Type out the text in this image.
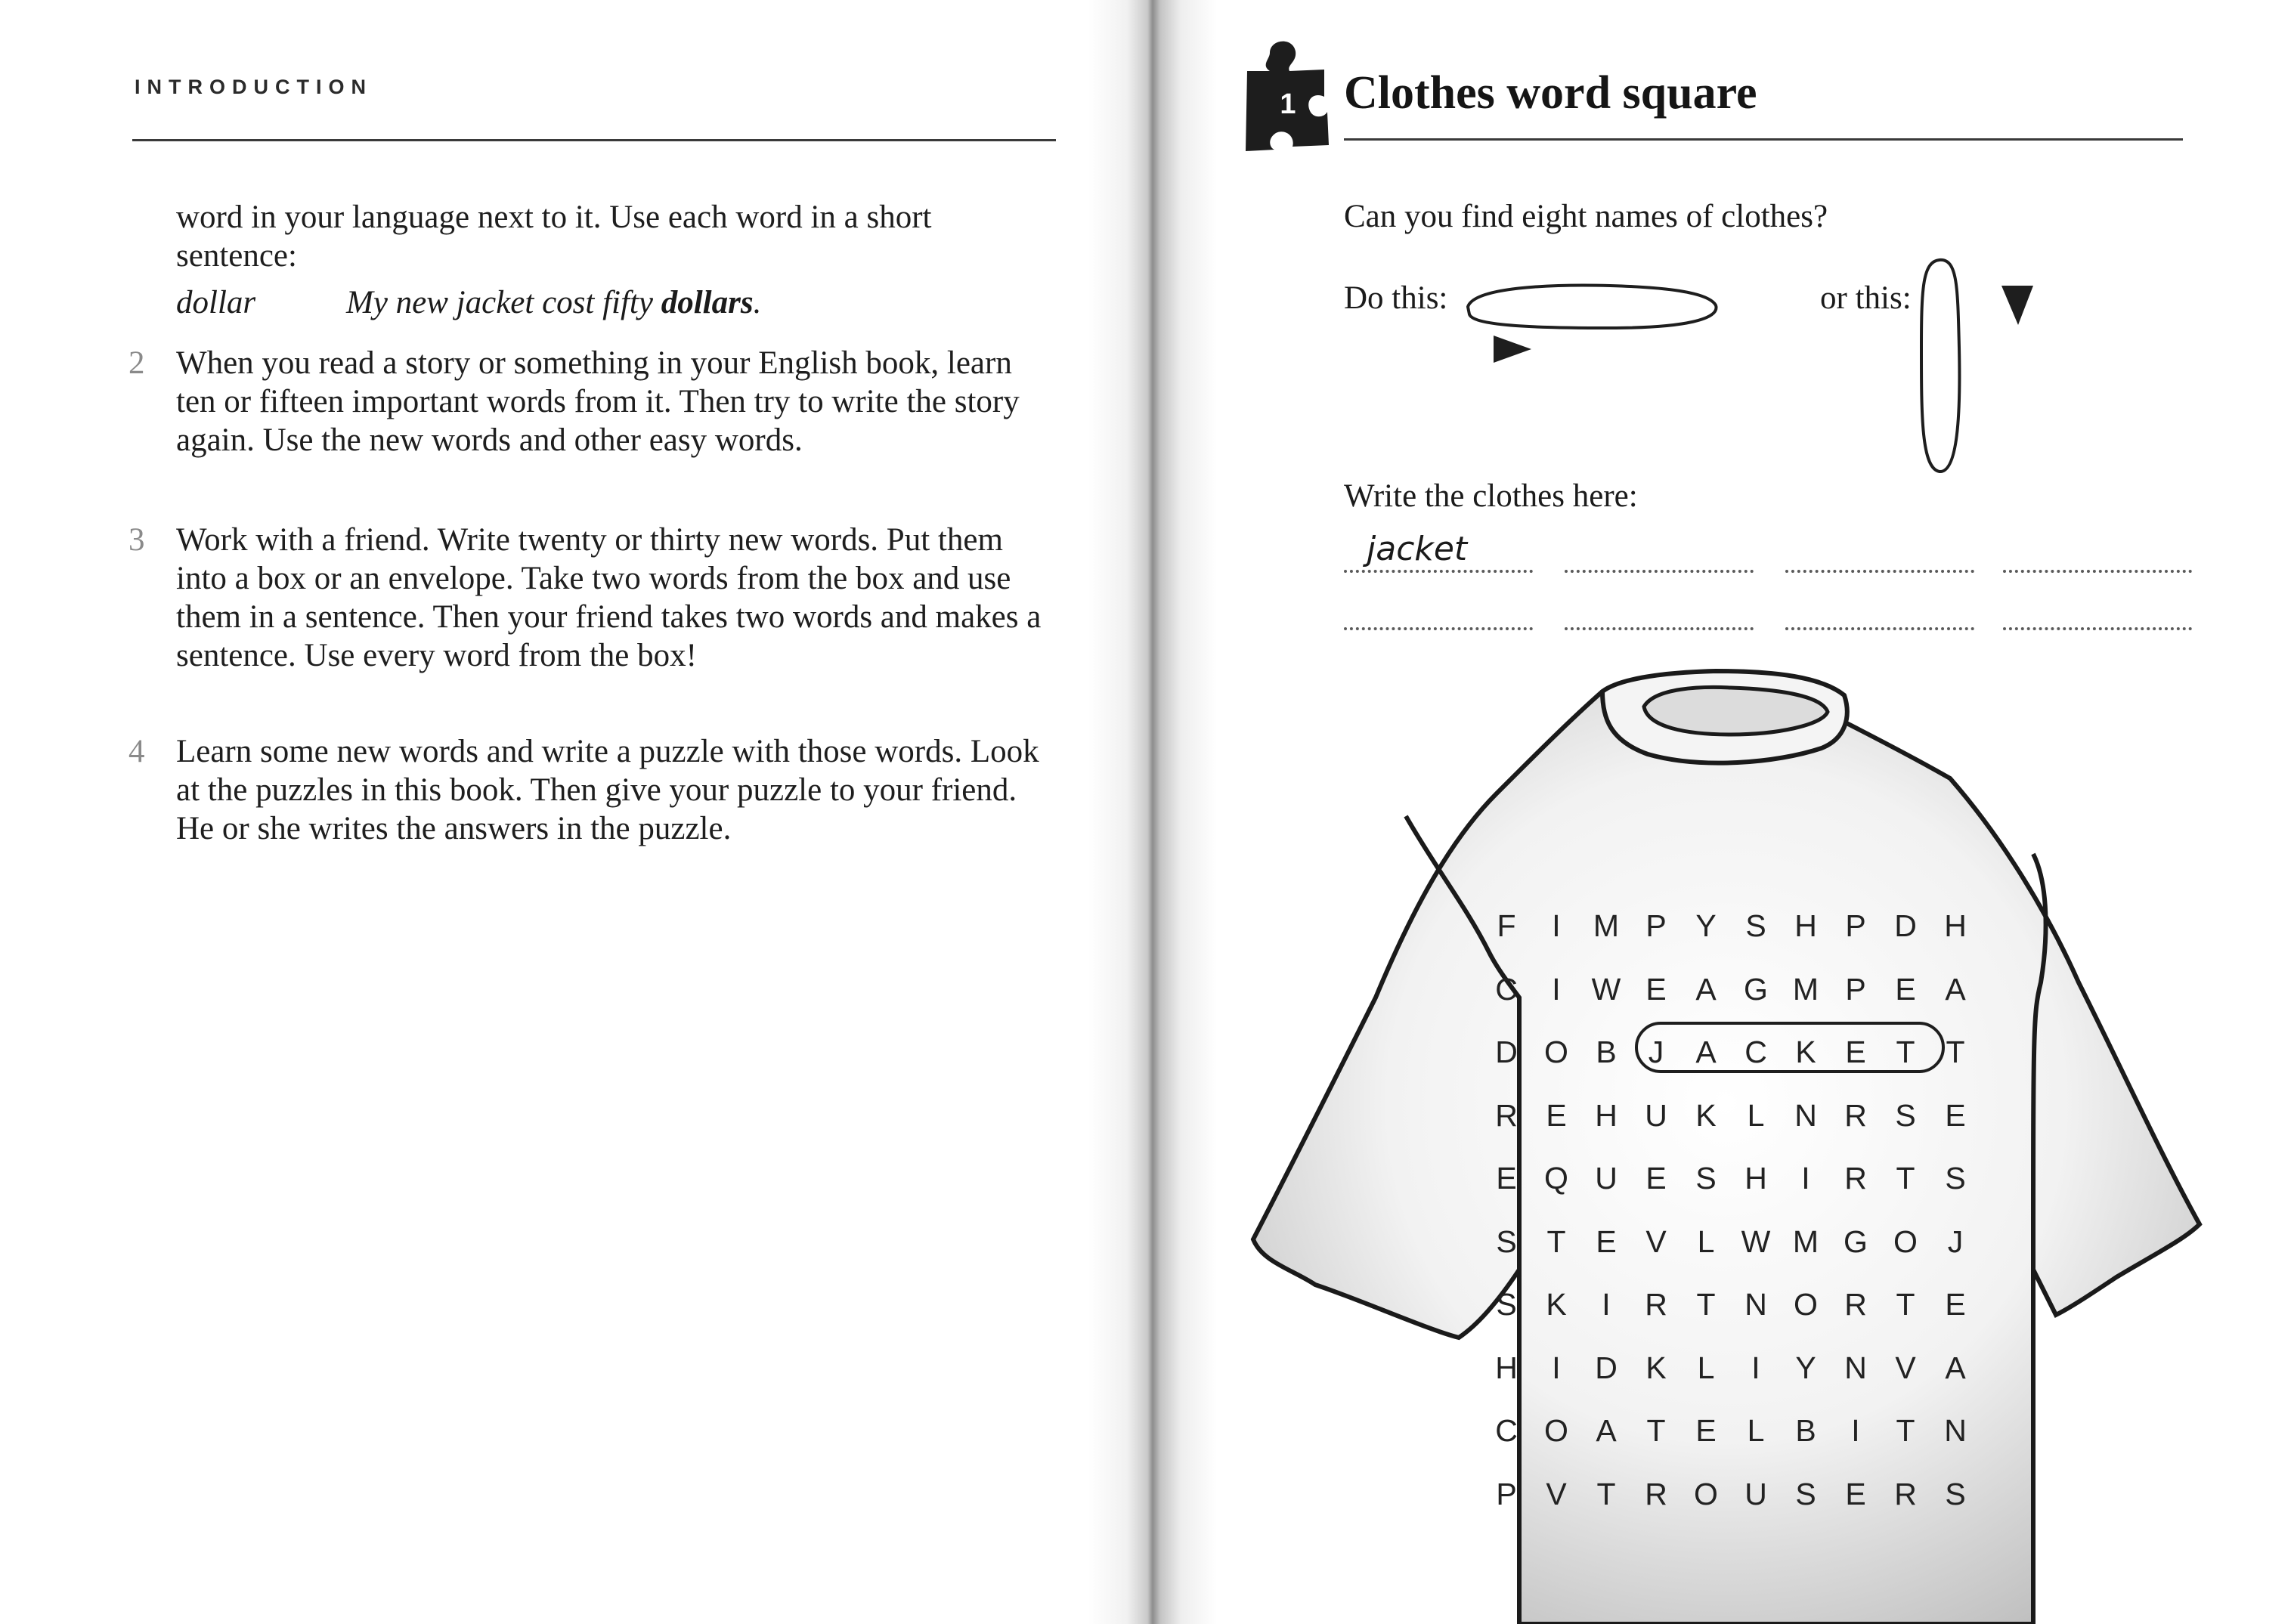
INTRODUCTION

word in your language next to it. Use each word in a short sentence:

dollar	My new jacket cost fifty dollars.
2 When you read a story or something in your English book, learn ten or fifteen important words from it. Then try to write the story again. Use the new words and other easy words.
3 Work with a friend. Write twenty or thirty new words. Put them into a box or an envelope. Take two words from the box and use them in a sentence. Then your friend takes two words and makes a sentence. Use every word from the box!
4 Learn some new words and write a puzzle with those words. Look at the puzzles in this book. Then give your puzzle to your friend. He or she writes the answers in the puzzle.
1 Clothes word square
Can you find eight names of clothes?
Do this:	or this:
Write the clothes here:
jacket
F	I	M P Y S H P D H
C	I W E A G M P E A
D O B	J	A C K E T T
R E H U K L N R S E
E Q U E S H	I	R T S
S T E V L W M G O J
S K	I	R T N O R T E
H	I	D K L	I	Y N V A
C O A T E L B	I	T N
P V T R O U S E R S
